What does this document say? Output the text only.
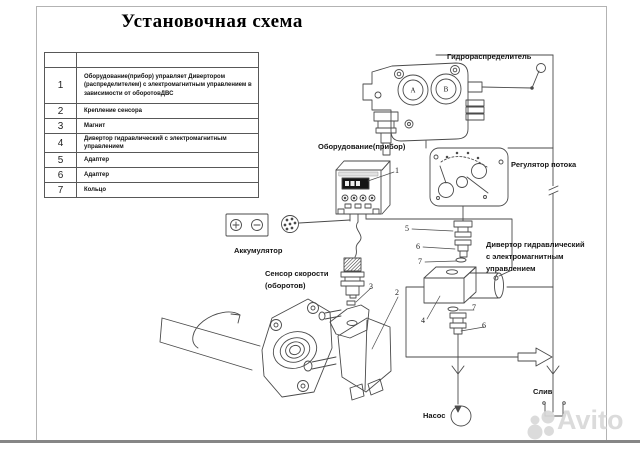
Установочная схема

1	Оборудование(прибор) управляет Дивертором (распределителем) с электромагнитным управлением в зависимости от оборотовДВС
2	Крепление сенсора
3	Магнит
4	Дивертор гидравлический с электромагнитным управлением
5	Адаптер
6	Адаптер
7	Кольцо
A	B
Гидрораспределитель
Оборудование(прибор)
Регулятор потока
Аккумулятор
Сенсор скорости
(оборотов)
Дивертор гидравлический
с электромагнитным
управлением
Насос
Слив
1
5
6
7
3
2
4
7
6
Avito
